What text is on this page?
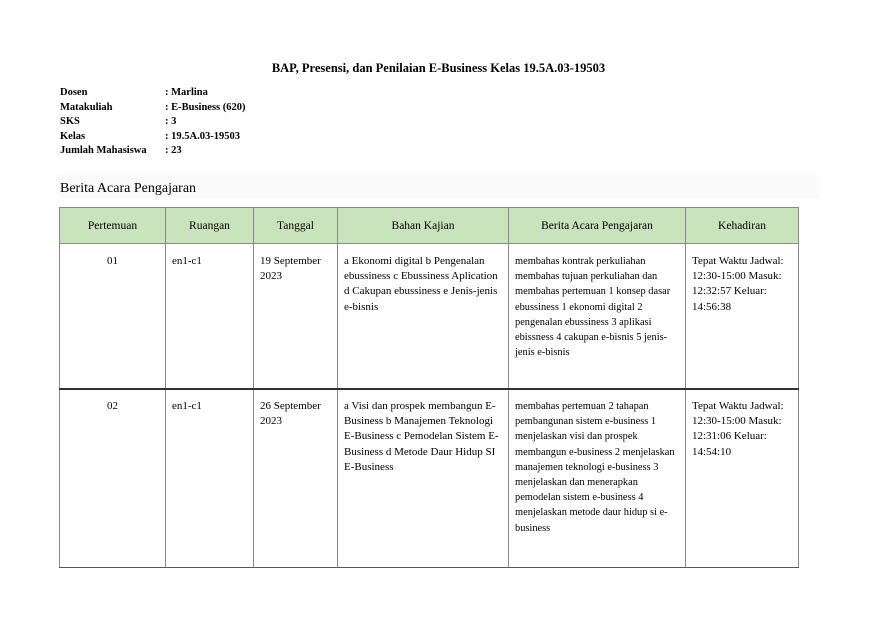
BAP, Presensi, dan Penilaian E-Business Kelas 19.5A.03-19503
Dosen	: Marlina
Matakuliah	: E-Business (620)
SKS	: 3
Kelas	: 19.5A.03-19503
Jumlah Mahasiswa	: 23
Berita Acara Pengajaran
Pertemuan	Ruangan	Tanggal	Bahan Kajian	Berita Acara Pengajaran	Kehadiran
01	en1-c1	19 September 2023	a Ekonomi digital b Pengenalan ebussiness c Ebussiness Aplication d Cakupan ebussiness e Jenis-jenis e-bisnis	membahas kontrak perkuliahan membahas tujuan perkuliahan dan membahas pertemuan 1 konsep dasar ebussiness 1 ekonomi digital 2 pengenalan ebussiness 3 aplikasi ebissness 4 cakupan e-bisnis 5 jenis-jenis e-bisnis	Tepat Waktu Jadwal: 12:30-15:00 Masuk: 12:32:57 Keluar: 14:56:38
02	en1-c1	26 September 2023	a Visi dan prospek membangun E- Business b Manajemen Teknologi E-Business c Pemodelan Sistem E- Business d Metode Daur Hidup SI E-Business	membahas pertemuan 2 tahapan pembangunan sistem e-business 1 menjelaskan visi dan prospek membangun e-business 2 menjelaskan manajemen teknologi e-business 3 menjelaskan dan menerapkan pemodelan sistem e-business 4 menjelaskan metode daur hidup si e-business	Tepat Waktu Jadwal: 12:30-15:00 Masuk: 12:31:06 Keluar: 14:54:10
